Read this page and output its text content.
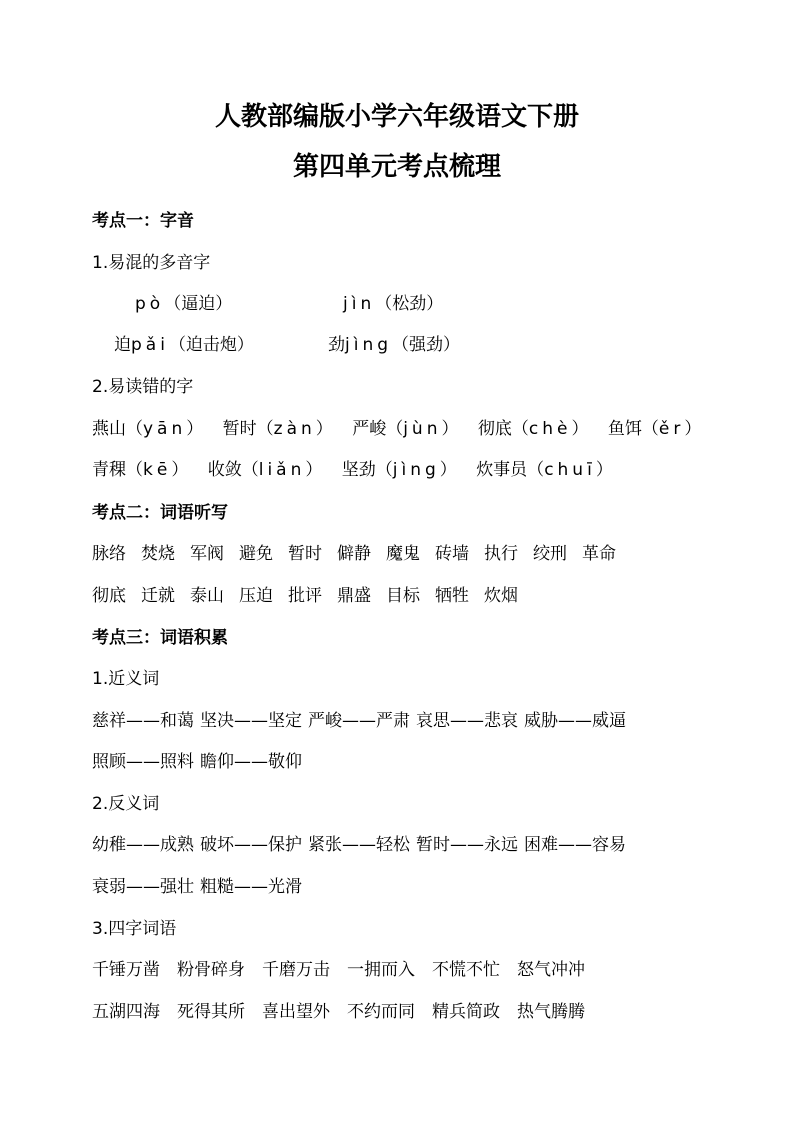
人教部编版小学六年级语文下册
第四单元考点梳理
考点一：字音
1.易混的多音字
pò（逼迫）	jìn（松劲）
迫pǎi（迫击炮）	劲jìng（强劲）
2.易读错的字
燕山（yān） 暂时（zàn） 严峻（jùn） 彻底（chè） 鱼饵（ěr）
青稞（kē） 收敛（liǎn） 坚劲（jìng） 炊事员（chuī）
考点二：词语听写
脉络 焚烧 军阀 避免 暂时 僻静 魔鬼 砖墙 执行 绞刑 革命
彻底 迁就 泰山 压迫 批评 鼎盛 目标 牺牲 炊烟
考点三：词语积累
1.近义词
慈祥——和蔼 坚决——坚定 严峻——严肃 哀思——悲哀 威胁——威逼
照顾——照料 瞻仰——敬仰
2.反义词
幼稚——成熟 破坏——保护 紧张——轻松 暂时——永远 困难——容易
衰弱——强壮 粗糙——光滑
3.四字词语
千锤万凿 粉骨碎身 千磨万击 一拥而入 不慌不忙 怒气冲冲
五湖四海 死得其所 喜出望外 不约而同 精兵简政 热气腾腾
